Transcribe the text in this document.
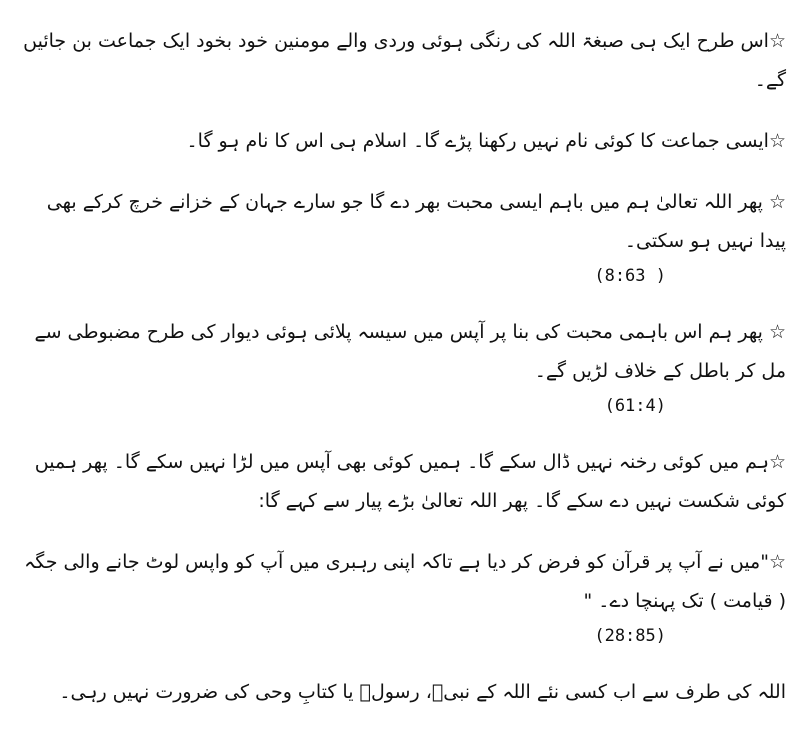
☆اس طرح ایک ہی صبغۃ اللہ کی رنگی ہوئی وردی والے مومنین خود بخود ایک جماعت بن جائیں گے۔

☆ایسی جماعت کا کوئی نام نہیں رکھنا پڑے گا۔ اسلام ہی اس کا نام ہو گا۔

☆ پھر اللہ تعالیٰ ہم میں باہم ایسی محبت بھر دے گا جو سارے جہان کے خزانے خرچ کرکے بھی پیدا نہیں ہو سکتی۔
(8:63 )

☆ پھر ہم اس باہمی محبت کی بنا پر آپس میں سیسہ پلائی ہوئی دیوار کی طرح مضبوطی سے مل کر باطل کے خلاف لڑیں گے۔
(61:4)

☆ہم میں کوئی رخنہ نہیں ڈال سکے گا۔ ہمیں کوئی بھی آپس میں لڑا نہیں سکے گا۔ پھر ہمیں کوئی شکست نہیں دے سکے گا۔ پھر اللہ تعالیٰ بڑے پیار سے کہے گا:

☆"میں نے آپ پر قرآن کو فرض کر دیا ہے تاکہ اپنی رہبری میں آپ کو واپس لوٹ جانے والی جگہ ( قیامت ) تک پہنچا دے۔ "
(28:85)

اللہ کی طرف سے اب کسی نئے اللہ کے نبیؐ، رسولؐ یا کتابِ وحی کی ضرورت نہیں رہی۔
